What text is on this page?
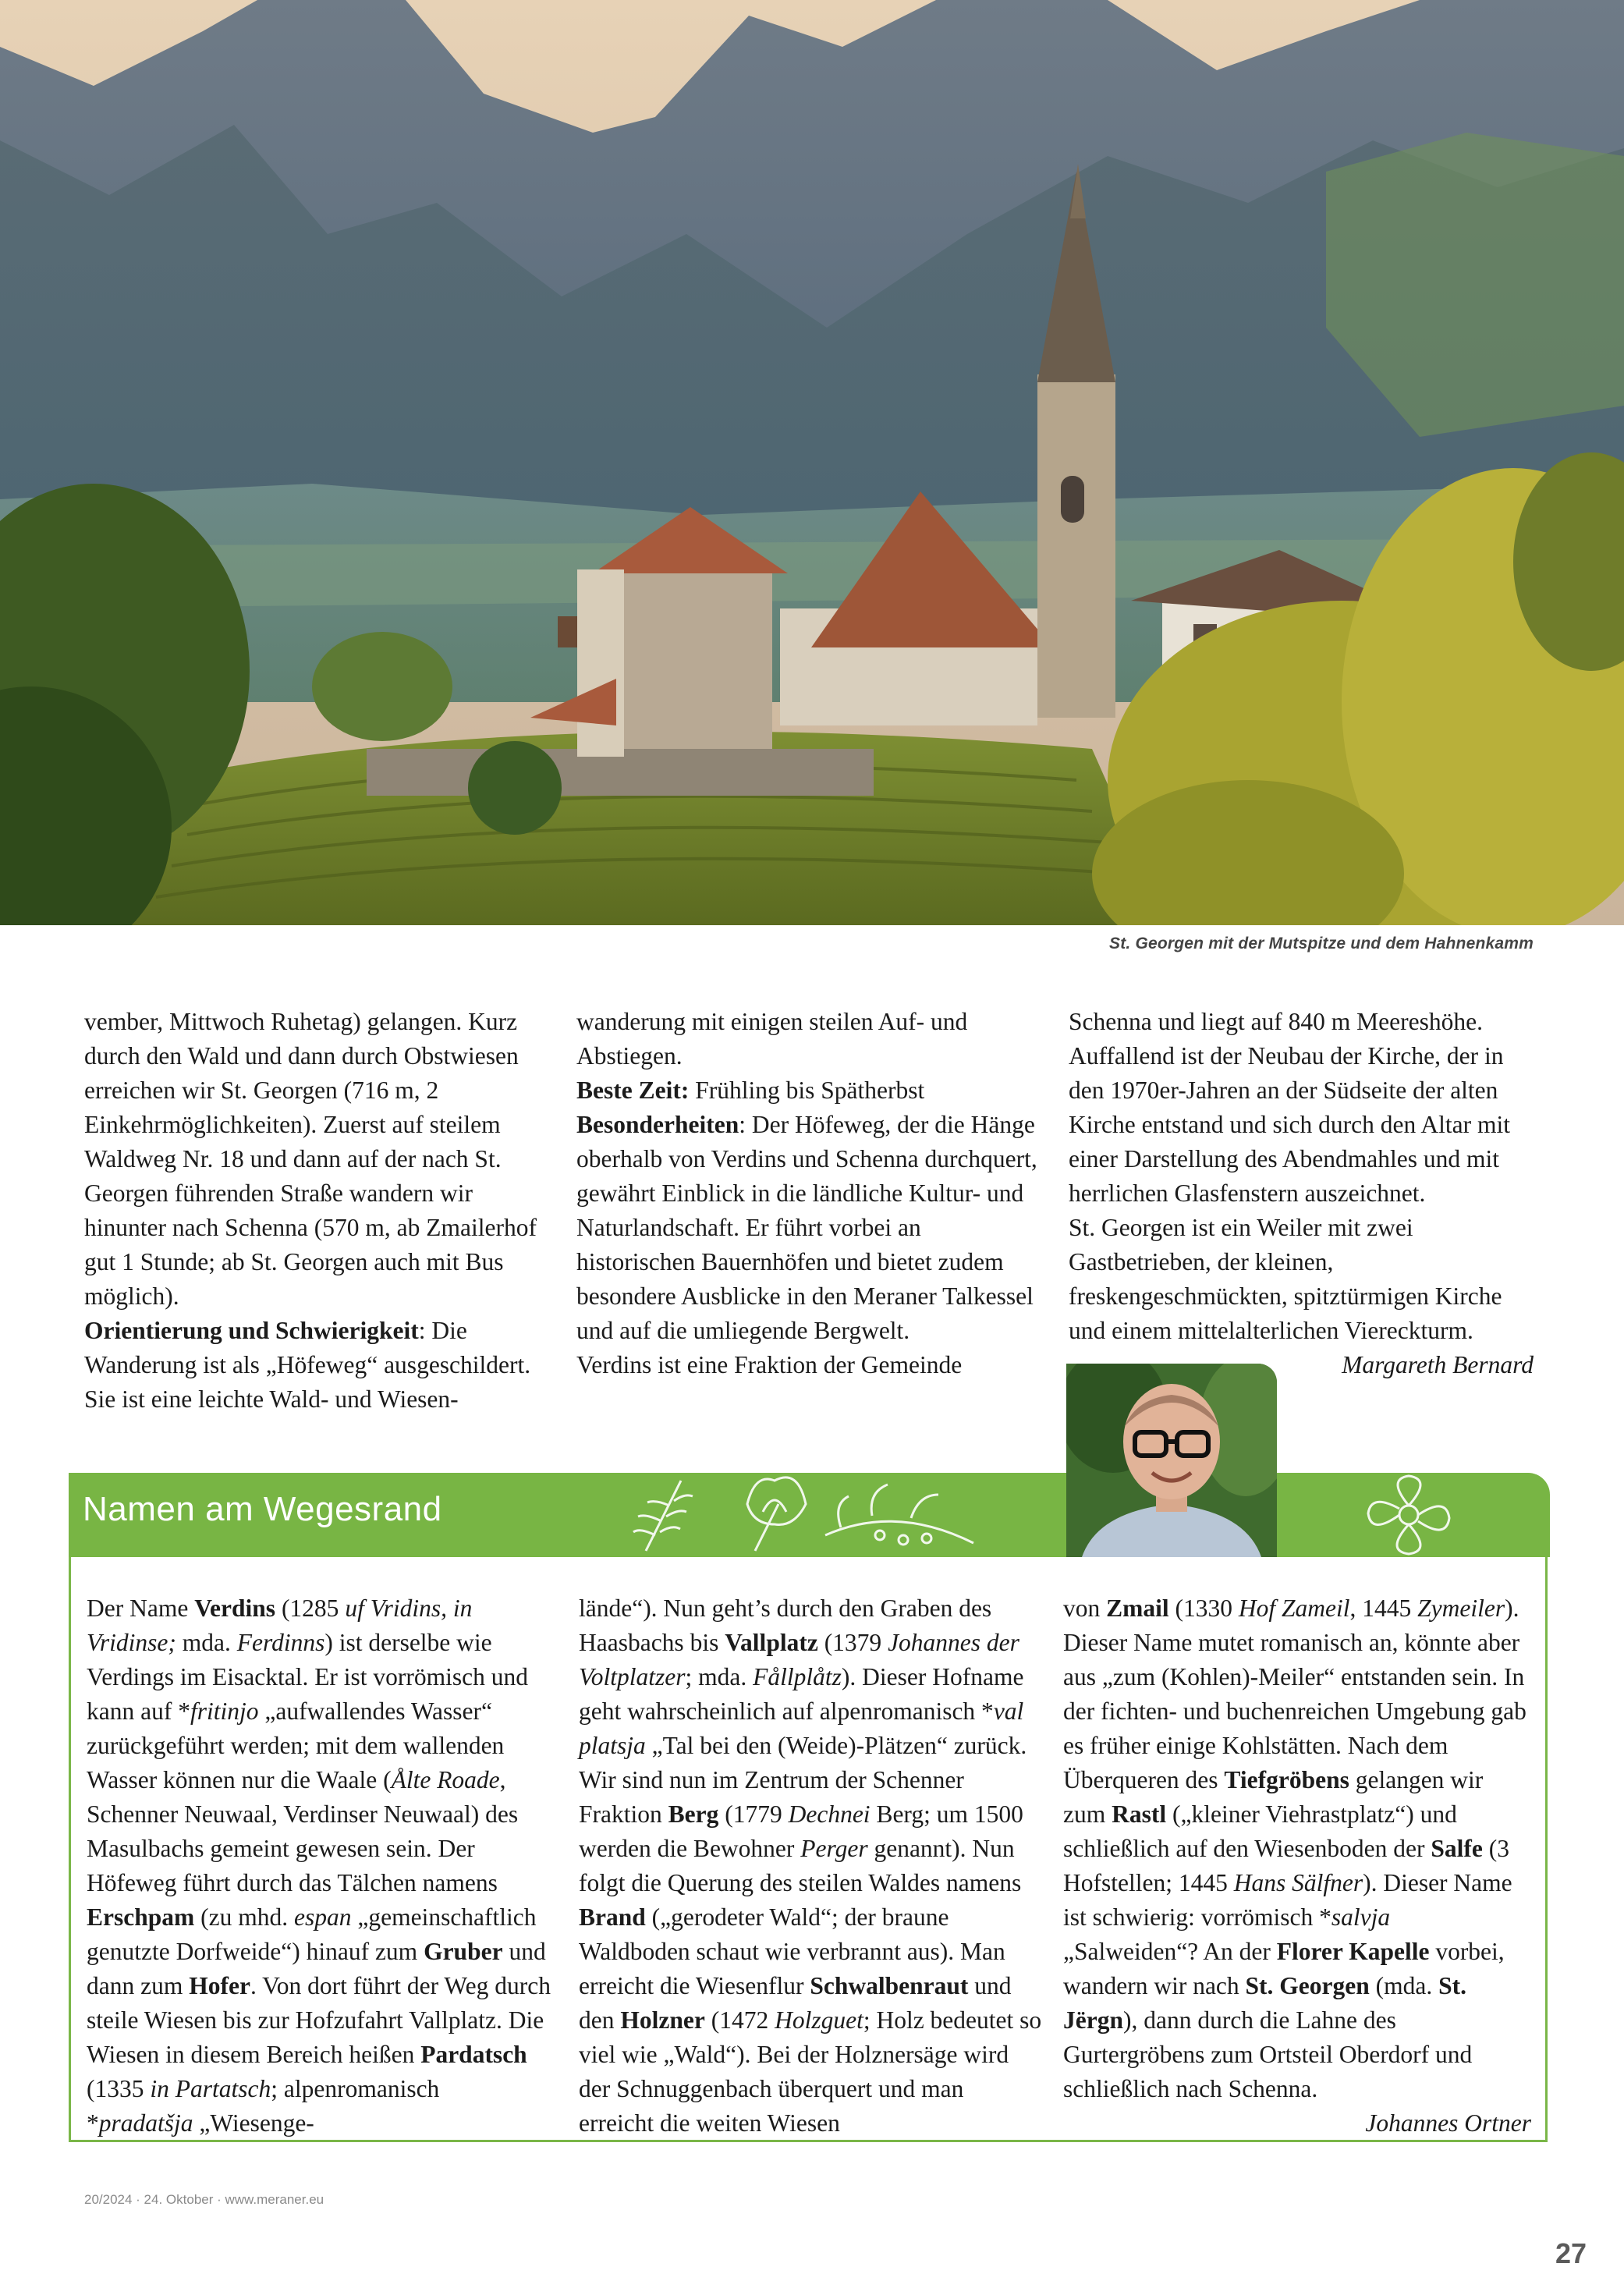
St. Georgen mit der Mutspitze und dem Hahnenkamm

vember, Mittwoch Ruhetag) gelangen. Kurz durch den Wald und dann durch Obstwiesen erreichen wir St. Georgen (716 m, 2 Einkehrmöglichkeiten). Zuerst auf steilem Waldweg Nr. 18 und dann auf der nach St. Georgen führenden Straße wandern wir hinunter nach Schenna (570 m, ab Zmailerhof gut 1 Stunde; ab St. Georgen auch mit Bus möglich).

Orientierung und Schwierigkeit: Die Wanderung ist als „Höfeweg“ ausgeschildert. Sie ist eine leichte Wald- und Wiesen-

wanderung mit einigen steilen Auf- und Abstiegen.

Beste Zeit: Frühling bis Spätherbst

Besonderheiten: Der Höfeweg, der die Hänge oberhalb von Verdins und Schenna durchquert, gewährt Einblick in die ländliche Kultur- und Naturlandschaft. Er führt vorbei an historischen Bauernhöfen und bietet zudem besondere Ausblicke in den Meraner Talkessel und auf die umliegende Bergwelt.

Verdins ist eine Fraktion der Gemeinde

Schenna und liegt auf 840 m Meereshöhe. Auffallend ist der Neubau der Kirche, der in den 1970er-Jahren an der Südseite der alten Kirche entstand und sich durch den Altar mit einer Darstellung des Abendmahles und mit herrlichen Glasfenstern auszeichnet.

St. Georgen ist ein Weiler mit zwei Gastbetrieben, der kleinen, freskengeschmückten, spitztürmigen Kirche und einem mittelalterlichen Viereckturm.

Margareth Bernard

Namen am Wegesrand

Der Name Verdins (1285 uf Vridins, in Vridinse; mda. Ferdinns) ist derselbe wie Verdings im Eisacktal. Er ist vorrömisch und kann auf *fritinjo „aufwallendes Wasser“ zurückgeführt werden; mit dem wallenden Wasser können nur die Waale (Ålte Roade, Schenner Neuwaal, Verdinser Neuwaal) des Masulbachs gemeint gewesen sein. Der Höfeweg führt durch das Tälchen namens Erschpam (zu mhd. espan „gemeinschaftlich genutzte Dorfweide“) hinauf zum Gruber und dann zum Hofer. Von dort führt der Weg durch steile Wiesen bis zur Hofzufahrt Vallplatz. Die Wiesen in diesem Bereich heißen Pardatsch (1335 in Partatsch; alpenromanisch *pradatšja „Wiesenge-

lände“). Nun geht’s durch den Graben des Haasbachs bis Vallplatz (1379 Johannes der Voltplatzer; mda. Fållplåtz). Dieser Hofname geht wahrscheinlich auf alpenromanisch *val platsja „Tal bei den (Weide)-Plätzen“ zurück. Wir sind nun im Zentrum der Schenner Fraktion Berg (1779 Dechnei Berg; um 1500 werden die Bewohner Perger genannt). Nun folgt die Querung des steilen Waldes namens Brand („gerodeter Wald“; der braune Waldboden schaut wie verbrannt aus). Man erreicht die Wiesenflur Schwalbenraut und den Holzner (1472 Holzguet; Holz bedeutet so viel wie „Wald“). Bei der Holznersäge wird der Schnuggenbach überquert und man erreicht die weiten Wiesen

von Zmail (1330 Hof Zameil, 1445 Zymeiler). Dieser Name mutet romanisch an, könnte aber aus „zum (Kohlen)-Meiler“ entstanden sein. In der fichten- und buchenreichen Umgebung gab es früher einige Kohlstätten. Nach dem Überqueren des Tiefgröbens gelangen wir zum Rastl („kleiner Viehrastplatz“) und schließlich auf den Wiesenboden der Salfe (3 Hofstellen; 1445 Hans Sälfner). Dieser Name ist schwierig: vorrömisch *salvja „Salweiden“? An der Florer Kapelle vorbei, wandern wir nach St. Georgen (mda. St. Jërgn), dann durch die Lahne des Gurtergröbens zum Ortsteil Oberdorf und schließlich nach Schenna.

Johannes Ortner

20/2024 · 24. Oktober · www.meraner.eu
27
